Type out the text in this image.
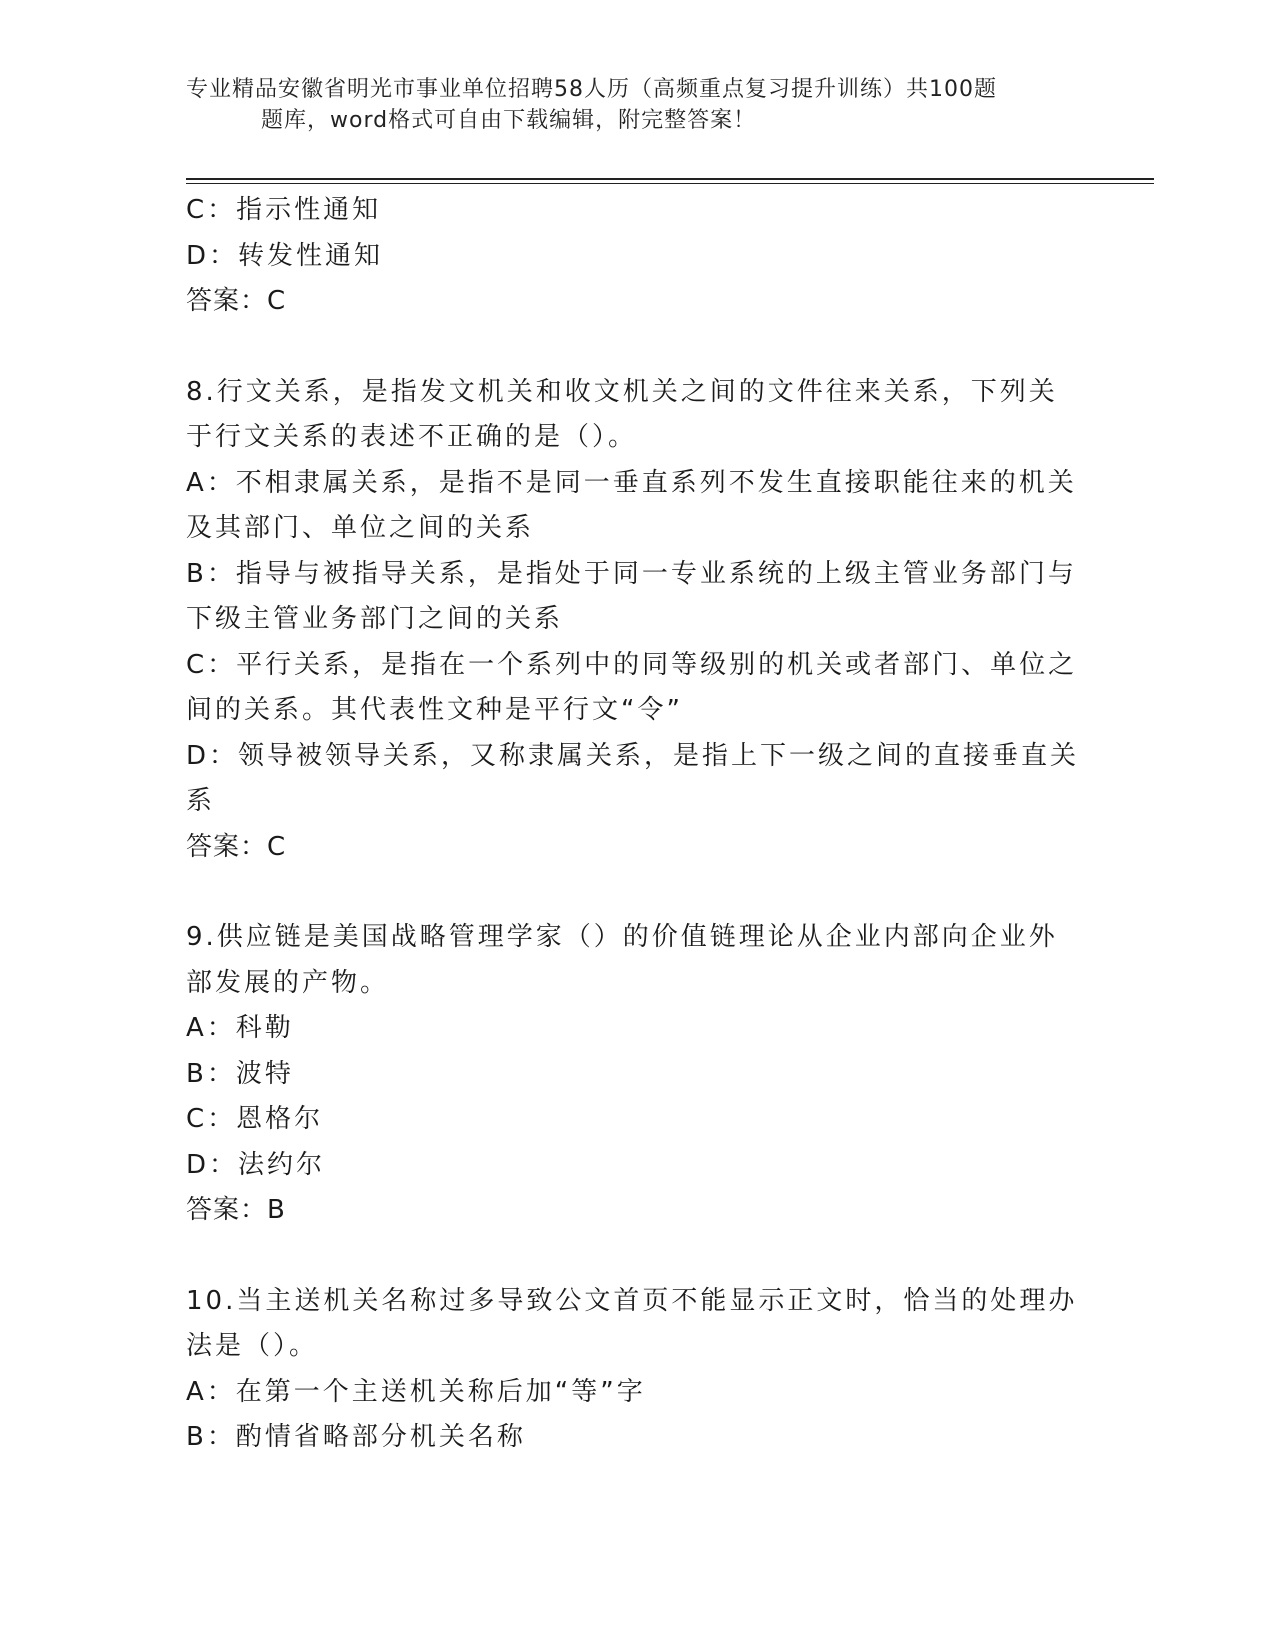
专业精品安徽省明光市事业单位招聘58人历（高频重点复习提升训练）共100题
题库，word格式可自由下载编辑，附完整答案！

C：指示性通知

D：转发性通知

答案：C

8.行文关系，是指发文机关和收文机关之间的文件往来关系，下列关

于行文关系的表述不正确的是（）。

A：不相隶属关系，是指不是同一垂直系列不发生直接职能往来的机关

及其部门、单位之间的关系

B：指导与被指导关系，是指处于同一专业系统的上级主管业务部门与

下级主管业务部门之间的关系

C：平行关系，是指在一个系列中的同等级别的机关或者部门、单位之

间的关系。其代表性文种是平行文“令”

D：领导被领导关系，又称隶属关系，是指上下一级之间的直接垂直关

系

答案：C

9.供应链是美国战略管理学家（）的价值链理论从企业内部向企业外

部发展的产物。

A：科勒

B：波特

C：恩格尔

D：法约尔

答案：B

10.当主送机关名称过多导致公文首页不能显示正文时，恰当的处理办

法是（）。

A：在第一个主送机关称后加“等”字

B：酌情省略部分机关名称
